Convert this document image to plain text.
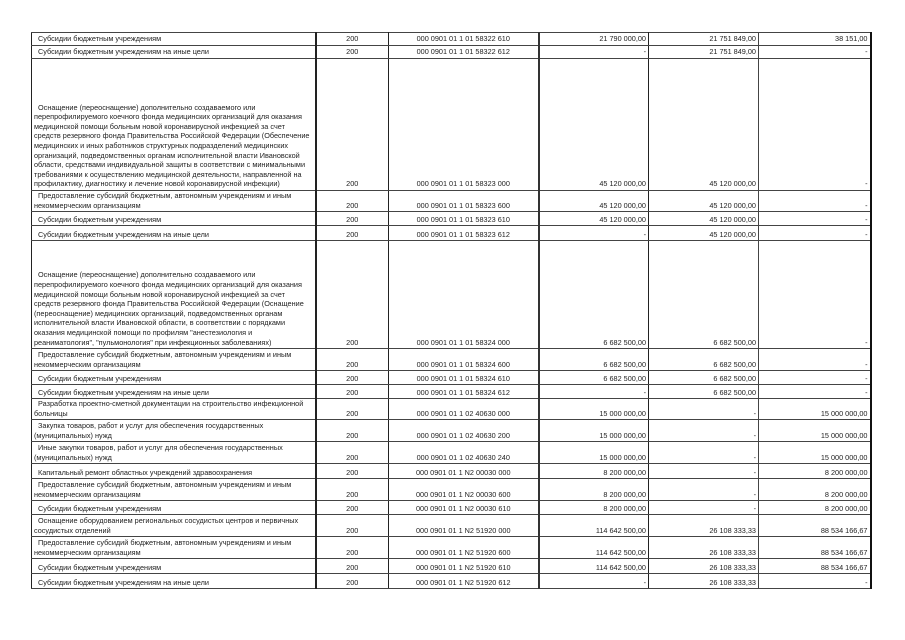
Субсидии бюджетным учреждениям	200	000 0901 01 1 01 58322 610	21 790 000,00	21 751 849,00	38 151,00
Субсидии бюджетным учреждениям на иные цели	200	000 0901 01 1 01 58322 612	-	21 751 849,00	-
Оснащение (переоснащение) дополнительно создаваемого или перепрофилируемого коечного фонда медицинских организаций для оказания медицинской помощи больным новой коронавирусной инфекцией за счет средств резервного фонда Правительства Российской Федерации (Обеспечение медицинских и иных работников структурных подразделений медицинских организаций, подведомственных органам исполнительной власти Ивановской области, средствами индивидуальной защиты в соответствии с минимальными требованиями к осуществлению медицинской деятельности, направленной на профилактику, диагностику и лечение новой коронавирусной инфекции)	200	000 0901 01 1 01 58323 000	45 120 000,00	45 120 000,00	-
Предоставление субсидий бюджетным, автономным учреждениям и иным некоммерческим организациям	200	000 0901 01 1 01 58323 600	45 120 000,00	45 120 000,00	-
Субсидии бюджетным учреждениям	200	000 0901 01 1 01 58323 610	45 120 000,00	45 120 000,00	-
Субсидии бюджетным учреждениям на иные цели	200	000 0901 01 1 01 58323 612	-	45 120 000,00	-
Оснащение (переоснащение) дополнительно создаваемого или перепрофилируемого коечного фонда медицинских организаций для оказания медицинской помощи больным новой коронавирусной инфекцией за счет средств резервного фонда Правительства Российской Федерации (Оснащение (переоснащение) медицинских организаций, подведомственных органам исполнительной власти Ивановской области, в соответствии с порядками оказания медицинской помощи по профилям "анестезиология и реаниматология", "пульмонология" при инфекционных заболеваниях)	200	000 0901 01 1 01 58324 000	6 682 500,00	6 682 500,00	-
Предоставление субсидий бюджетным, автономным учреждениям и иным некоммерческим организациям	200	000 0901 01 1 01 58324 600	6 682 500,00	6 682 500,00	-
Субсидии бюджетным учреждениям	200	000 0901 01 1 01 58324 610	6 682 500,00	6 682 500,00	-
Субсидии бюджетным учреждениям на иные цели	200	000 0901 01 1 01 58324 612	-	6 682 500,00	-
Разработка проектно-сметной документации на строительство инфекционной больницы	200	000 0901 01 1 02 40630 000	15 000 000,00	-	15 000 000,00
Закупка товаров, работ и услуг для обеспечения государственных (муниципальных) нужд	200	000 0901 01 1 02 40630 200	15 000 000,00	-	15 000 000,00
Иные закупки товаров, работ и услуг для обеспечения государственных (муниципальных) нужд	200	000 0901 01 1 02 40630 240	15 000 000,00	-	15 000 000,00
Капитальный ремонт областных учреждений здравоохранения	200	000 0901 01 1 N2 00030 000	8 200 000,00	-	8 200 000,00
Предоставление субсидий бюджетным, автономным учреждениям и иным некоммерческим организациям	200	000 0901 01 1 N2 00030 600	8 200 000,00	-	8 200 000,00
Субсидии бюджетным учреждениям	200	000 0901 01 1 N2 00030 610	8 200 000,00	-	8 200 000,00
Оснащение оборудованием региональных сосудистых центров и первичных сосудистых отделений	200	000 0901 01 1 N2 51920 000	114 642 500,00	26 108 333,33	88 534 166,67
Предоставление субсидий бюджетным, автономным учреждениям и иным некоммерческим организациям	200	000 0901 01 1 N2 51920 600	114 642 500,00	26 108 333,33	88 534 166,67
Субсидии бюджетным учреждениям	200	000 0901 01 1 N2 51920 610	114 642 500,00	26 108 333,33	88 534 166,67
Субсидии бюджетным учреждениям на иные цели	200	000 0901 01 1 N2 51920 612	-	26 108 333,33	-
